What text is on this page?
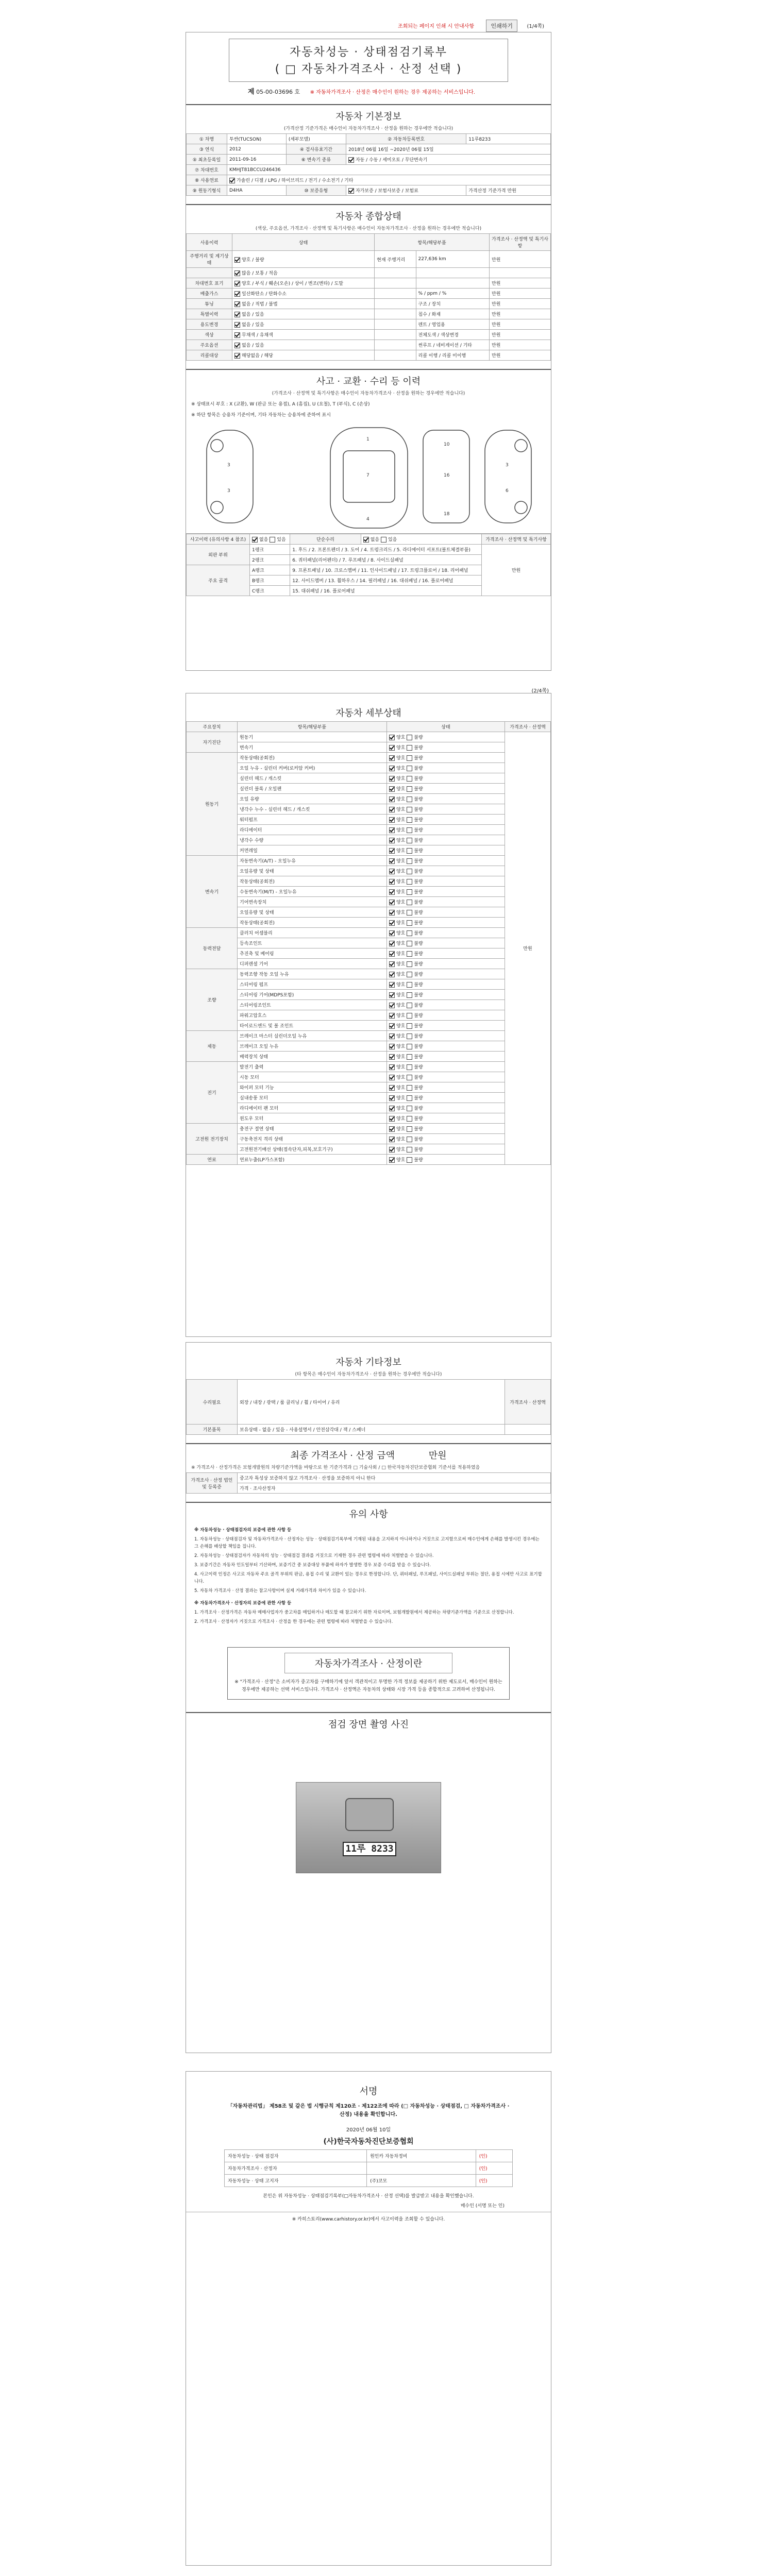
조회되는 페이지 인쇄 시 안내사항	인쇄하기	(1/4쪽)
자동차성능 · 상태점검기록부
( □ 자동차가격조사 · 산정 선택 )
제 05-00-03696 호 ※ 자동차가격조사 · 산정은 매수인이 원하는 경우 제공하는 서비스입니다.
자동차 기본정보
(가격산정 기준가격은 매수인이 자동차가격조사 · 산정을 원하는 경우에만 적습니다)
① 차명	투싼(TUCSON)	(세부모델)	② 자동차등록번호	11루8233
③ 연식	2012	④ 검사유효기간	2018년 06월 16일 ~2020년 06월 15일	
⑤ 최초등록일	2011-09-16	⑥ 변속기 종류	자동 / 수동 / 세미오토 / 무단변속기	
⑦ 차대번호	KMHJT81BCCU246436			
⑧ 사용연료	가솔린 / 디젤 / LPG / 하이브리드 / 전기 / 수소전기 / 기타			
⑨ 원동기형식	D4HA	⑩ 보증유형	자가보증 / 보험사보증 / 보험료	가격산정 기준가격 만원
자동차 종합상태
(색상, 주요옵션, 가격조사 · 산정액 및 특기사항은 매수인이 자동차가격조사 · 산정을 원하는 경우에만 적습니다)
사용이력	상태	항목/해당부품		가격조사 · 산정액 및 특기사항
주행거리 및 계기상태	양호 / 불량	현재 주행거리	227,636 km	만원
	많음 / 보통 / 적음			
차대번호 표기	양호 / 부식 / 훼손(오손) / 상이 / 변조(변타) / 도말			만원
배출가스	일산화탄소 / 탄화수소		% / ppm / %	만원
튜닝	없음 / 적법 / 불법		구조 / 장치	만원
특별이력	없음 / 있음		침수 / 화재	만원
용도변경	없음 / 있음		렌트 / 영업용	만원
색상	무채색 / 유채색		전체도색 / 색상변경	만원
주요옵션	없음 / 있음		썬루프 / 네비게이션 / 기타	만원
리콜대상	해당없음 / 해당		리콜 이행 / 리콜 미이행	만원
사고 · 교환 · 수리 등 이력
(가격조사 · 산정액 및 특기사항은 매수인이 자동차가격조사 · 산정을 원하는 경우에만 적습니다)
※ 상태표시 부호 : X (교환), W (판금 또는 용접), A (흠집), U (요철), T (부식), C (손상)
※ 하단 항목은 승용차 기준이며, 기타 자동차는 승용차에 준하여 표시
3
3
1
7
4
10
16
18
3
6
사고이력 (유의사항 4 참조)	없음 있음	단순수리	없음 있음	가격조사 · 산정액 및 특기사항
외판 부위	1랭크	1. 후드 / 2. 프론트펜더 / 3. 도어 / 4. 트렁크리드 / 5. 라디에이터 서포트(볼트체결부품)		만원
	2랭크	6. 쿼터패널(리어펜더) / 7. 루프패널 / 8. 사이드실패널		
주요 골격	A랭크	9. 프론트패널 / 10. 크로스멤버 / 11. 인사이드패널 / 17. 트렁크플로어 / 18. 리어패널		
	B랭크	12. 사이드멤버 / 13. 휠하우스 / 14. 필러패널 / 16. 대쉬패널 / 16. 플로어패널		
	C랭크	15. 대쉬패널 / 16. 플로어패널		
(2/4쪽)
자동차 세부상태
주요장치	항목/해당부품	상태	가격조사 · 산정액
자기진단	원동기	양호 불량	만원
	변속기	양호 불량	
원동기	작동상태(공회전)	양호 불량	
	오일 누유 - 실린더 커버(로커암 커버)	양호 불량	
	실린더 헤드 / 개스킷	양호 불량	
	실린더 블록 / 오일팬	양호 불량	
	오일 유량	양호 불량	
	냉각수 누수 - 실린더 헤드 / 개스킷	양호 불량	
	워터펌프	양호 불량	
	라디에이터	양호 불량	
	냉각수 수량	양호 불량	
	커먼레일	양호 불량	
변속기	자동변속기(A/T) - 오일누유	양호 불량	
	오일유량 및 상태	양호 불량	
	작동상태(공회전)	양호 불량	
	수동변속기(M/T) - 오일누유	양호 불량	
	기어변속장치	양호 불량	
	오일유량 및 상태	양호 불량	
	작동상태(공회전)	양호 불량	
동력전달	클러치 어셈블리	양호 불량	
	등속조인트	양호 불량	
	추진축 및 베어링	양호 불량	
	디퍼렌셜 기어	양호 불량	
조향	동력조향 작동 오일 누유	양호 불량	
	스티어링 펌프	양호 불량	
	스티어링 기어(MDPS포함)	양호 불량	
	스티어링조인트	양호 불량	
	파워고압호스	양호 불량	
	타이로드엔드 및 볼 조인트	양호 불량	
제동	브레이크 마스터 실린더오일 누유	양호 불량	
	브레이크 오일 누유	양호 불량	
	배력장치 상태	양호 불량	
전기	발전기 출력	양호 불량	
	시동 모터	양호 불량	
	와이퍼 모터 기능	양호 불량	
	실내송풍 모터	양호 불량	
	라디에이터 팬 모터	양호 불량	
	윈도우 모터	양호 불량	
고전원 전기장치	충전구 절연 상태	양호 불량	
	구동축전지 격리 상태	양호 불량	
	고전원전기배선 상태(접속단자,피복,보호기구)	양호 불량	
연료	연료누출(LP가스포함)	양호 불량	
자동차 기타정보
(타 항목은 매수인이 자동차가격조사 · 산정을 원하는 경우에만 적습니다)
수리필요	외장 / 내장 / 광택 / 룸 클리닝 / 휠 / 타이어 / 유리	가격조사 · 산정액
기본품목	보유상태 - 없음 / 있음 - 사용설명서 / 안전삼각대 / 잭 / 스패너	
최종 가격조사 · 산정 금액	만원
※ 가격조사 · 산정가격은 보험개발원의 차량기준가액을 바탕으로 한 기준가격과 □ 기술사회 / □ 한국자동차진단보증협회 기준서를 적용하였음
가격조사 · 산정 법인 및 등록증	중고자 특성상 보증하지 않고 가격조사 · 산정을 보증하지 아니 한다
가격 · 조사산정자
유의 사항

※ 자동차성능 · 상태점검자의 보증에 관한 사항 등

1. 자동차성능 · 상태점검자 및 자동차가격조사 · 산정자는 성능 · 상태점검기록부에 기재된 내용을 고지하지 아니하거나 거짓으로 고지함으로써 매수인에게 손해를 발생시킨 경우에는 그 손해를 배상할 책임을 집니다.

2. 자동차성능 · 상태점검자가 자동차의 성능 · 상태점검 결과를 거짓으로 기재한 경우 관련 법령에 따라 처벌받을 수 있습니다.

3. 보증기간은 자동차 인도일부터 기산하며, 보증기간 중 보증대상 부품에 하자가 발생한 경우 보증 수리를 받을 수 있습니다.

4. 사고이력 인정은 사고로 자동차 주요 골격 부위의 판금, 용접 수리 및 교환이 있는 경우로 한정합니다. 단, 쿼터패널, 루프패널, 사이드실패널 부위는 절단, 용접 시에만 사고로 표기합니다.

5. 자동차 가격조사 · 산정 결과는 참고사항이며 실제 거래가격과 차이가 있을 수 있습니다.

※ 자동차가격조사 · 산정자의 보증에 관한 사항 등

1. 가격조사 · 산정가격은 자동차 매매사업자가 중고차를 매입하거나 매도할 때 참고하기 위한 자료이며, 보험개발원에서 제공하는 차량기준가액을 기준으로 산정합니다.

2. 가격조사 · 산정자가 거짓으로 가격조사 · 산정을 한 경우에는 관련 법령에 따라 처벌받을 수 있습니다.

자동차가격조사 · 산정이란
※ "가격조사 · 산정"은 소비자가 중고차를 구매하기에 앞서 객관적이고 투명한 가격 정보를 제공하기 위한 제도로서, 매수인이 원하는 경우에만 제공하는 선택 서비스입니다. 가격조사 · 산정액은 자동차의 상태와 시장 가격 등을 종합적으로 고려하여 산정됩니다.
점검 장면 촬영 사진
11루 8233
서명
「자동차관리법」 제58조 및 같은 법 시행규칙 제120조 · 제122조에 따라 (□ 자동차성능 · 상태점검, □ 자동차가격조사 · 산정) 내용을 확인합니다.
2020년 06월 10일
(사)한국자동차진단보증협회
자동차성능 · 상태 점검자	원인카 자동차정비	(인)
자동차가격조사 · 산정자		(인)
자동차성능 · 상태 고지자	(주)코모	(인)
본인은 위 자동차성능 · 상태점검기록부(□자동차가격조사 · 산정 선택)를 발급받고 내용을 확인했습니다.
매수인 (서명 또는 인)
※ 카히스토리(www.carhistory.or.kr)에서 사고이력을 조회할 수 있습니다.
